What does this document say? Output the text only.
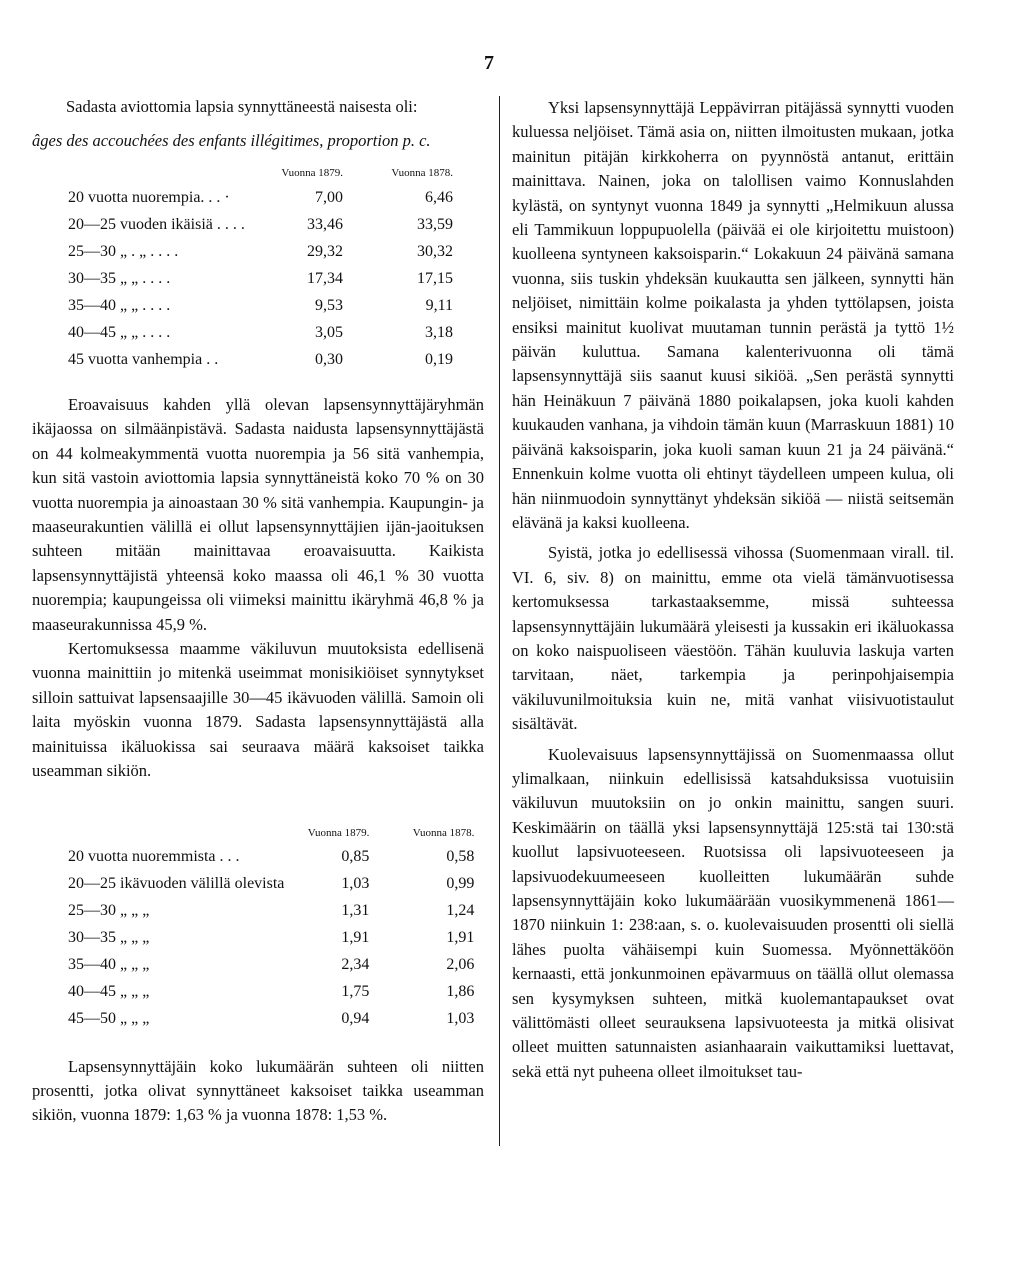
7
Sadasta aviottomia lapsia synnyttäneestä naisesta oli:
âges des accouchées des enfants illégitimes, proportion p. c.
	Vuonna 1879.	Vuonna 1878.
20 vuotta nuorempia. . . ·	7,00	6,46
20—25 vuoden ikäisiä . . . .	33,46	33,59
25—30 „ . „ . . . .	29,32	30,32
30—35 „ „ . . . .	17,34	17,15
35—40 „ „ . . . .	9,53	9,11
40—45 „ „ . . . .	3,05	3,18
45 vuotta vanhempia . .	0,30	0,19

Eroavaisuus kahden yllä olevan lapsensynnyttäjäryhmän ikäjaossa on silmäänpistävä. Sadasta naidusta lapsensynnyttäjästä on 44 kolmeakymmentä vuotta nuorempia ja 56 sitä vanhempia, kun sitä vastoin aviottomia lapsia synnyttäneistä koko 70 % on 30 vuotta nuorempia ja ainoastaan 30 % sitä vanhempia. Kaupungin- ja maaseurakuntien välillä ei ollut lapsensynnyttäjien ijän-jaoituksen suhteen mitään mainittavaa eroavaisuutta. Kaikista lapsensynnyttäjistä yhteensä koko maassa oli 46,1 % 30 vuotta nuorempia; kaupungeissa oli viimeksi mainittu ikäryhmä 46,8 % ja maaseurakunnissa 45,9 %.

Kertomuksessa maamme väkiluvun muutoksista edellisenä vuonna mainittiin jo mitenkä useimmat monisikiöiset synnytykset silloin sattuivat lapsensaajille 30—45 ikävuoden välillä. Samoin oli laita myöskin vuonna 1879. Sadasta lapsensynnyttäjästä alla mainituissa ikäluokissa sai seuraava määrä kaksoiset taikka useamman sikiön.

	Vuonna 1879.	Vuonna 1878.
20 vuotta nuoremmista . . .	0,85	0,58
20—25 ikävuoden välillä olevista	1,03	0,99
25—30 „ „ „	1,31	1,24
30—35 „ „ „	1,91	1,91
35—40 „ „ „	2,34	2,06
40—45 „ „ „	1,75	1,86
45—50 „ „ „	0,94	1,03

Lapsensynnyttäjäin koko lukumäärän suhteen oli niitten prosentti, jotka olivat synnyttäneet kaksoiset taikka useamman sikiön, vuonna 1879: 1,63 % ja vuonna 1878: 1,53 %.

Yksi lapsensynnyttäjä Leppävirran pitäjässä synnytti vuoden kuluessa neljöiset. Tämä asia on, niitten ilmoitusten mukaan, jotka mainitun pitäjän kirkkoherra on pyynnöstä antanut, erittäin mainittava. Nainen, joka on talollisen vaimo Konnuslahden kylästä, on syntynyt vuonna 1849 ja synnytti „Helmikuun alussa eli Tammikuun loppupuolella (päivää ei ole kirjoitettu muistoon) kuolleena syntyneen kaksoisparin.“ Lokakuun 24 päivänä samana vuonna, siis tuskin yhdeksän kuukautta sen jälkeen, synnytti hän neljöiset, nimittäin kolme poikalasta ja yhden tyttölapsen, joista ensiksi mainitut kuolivat muutaman tunnin perästä ja tyttö 1½ päivän kuluttua. Samana kalenterivuonna oli tämä lapsensynnyttäjä siis saanut kuusi sikiöä. „Sen perästä synnytti hän Heinäkuun 7 päivänä 1880 poikalapsen, joka kuoli kahden kuukauden vanhana, ja vihdoin tämän kuun (Marraskuun 1881) 10 päivänä kaksoisparin, joka kuoli saman kuun 21 ja 24 päivänä.“ Ennenkuin kolme vuotta oli ehtinyt täydelleen umpeen kulua, oli hän niinmuodoin synnyttänyt yhdeksän sikiöä — niistä seitsemän elävänä ja kaksi kuolleena.

Syistä, jotka jo edellisessä vihossa (Suomenmaan virall. til. VI. 6, siv. 8) on mainittu, emme ota vielä tämänvuotisessa kertomuksessa tarkastaaksemme, missä suhteessa lapsensynnyttäjäin lukumäärä yleisesti ja kussakin eri ikäluokassa on koko naispuoliseen väestöön. Tähän kuuluvia laskuja varten tarvitaan, näet, tarkempia ja perinpohjaisempia väkiluvunilmoituksia kuin ne, mitä vanhat viisivuotistaulut sisältävät.

Kuolevaisuus lapsensynnyttäjissä on Suomenmaassa ollut ylimalkaan, niinkuin edellisissä katsahduksissa vuotuisiin väkiluvun muutoksiin on jo onkin mainittu, sangen suuri. Keskimäärin on täällä yksi lapsensynnyttäjä 125:stä tai 130:stä kuollut lapsivuoteeseen. Ruotsissa oli lapsivuoteeseen ja lapsivuodekuumeeseen kuolleitten lukumäärän suhde lapsensynnyttäjäin koko lukumäärään vuosikymmenenä 1861—1870 niinkuin 1: 238:aan, s. o. kuolevaisuuden prosentti oli siellä lähes puolta vähäisempi kuin Suomessa. Myönnettäköön kernaasti, että jonkunmoinen epävarmuus on täällä ollut olemassa sen kysymyksen suhteen, mitkä kuolemantapaukset ovat välittömästi olleet seurauksena lapsivuoteesta ja mitkä olisivat olleet muitten satunnaisten asianhaarain vaikuttamiksi luettavat, sekä että nyt puheena olleet ilmoitukset tau-
